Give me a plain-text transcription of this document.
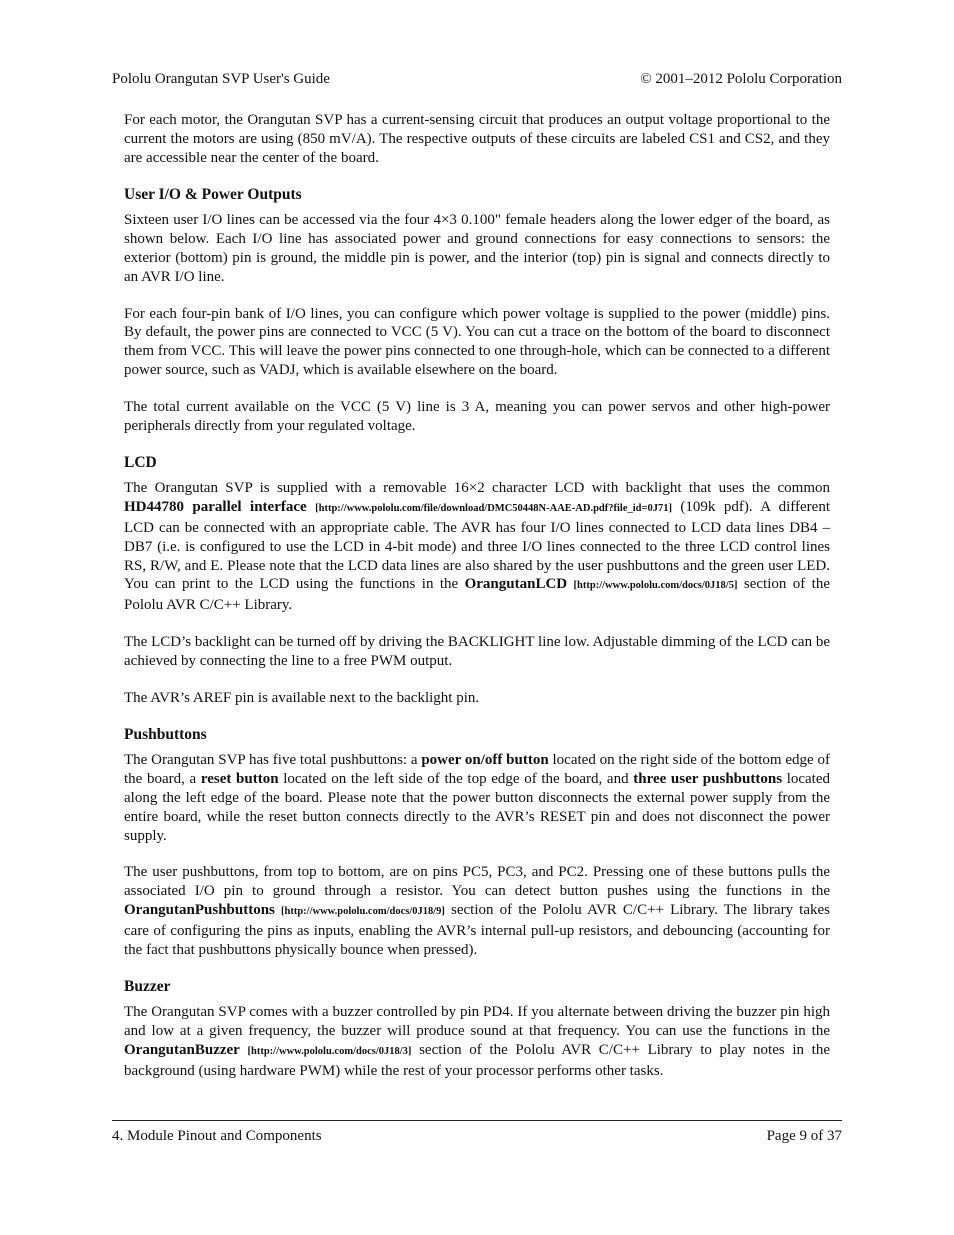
Pololu Orangutan SVP User's Guide	© 2001–2012 Pololu Corporation

For each motor, the Orangutan SVP has a current-sensing circuit that produces an output voltage proportional to the current the motors are using (850 mV/A). The respective outputs of these circuits are labeled CS1 and CS2, and they are accessible near the center of the board.

User I/O & Power Outputs

Sixteen user I/O lines can be accessed via the four 4×3 0.100" female headers along the lower edger of the board, as shown below. Each I/O line has associated power and ground connections for easy connections to sensors: the exterior (bottom) pin is ground, the middle pin is power, and the interior (top) pin is signal and connects directly to an AVR I/O line.

For each four-pin bank of I/O lines, you can configure which power voltage is supplied to the power (middle) pins. By default, the power pins are connected to VCC (5 V). You can cut a trace on the bottom of the board to disconnect them from VCC. This will leave the power pins connected to one through-hole, which can be connected to a different power source, such as VADJ, which is available elsewhere on the board.

The total current available on the VCC (5 V) line is 3 A, meaning you can power servos and other high-power peripherals directly from your regulated voltage.

LCD

The Orangutan SVP is supplied with a removable 16×2 character LCD with backlight that uses the common HD44780 parallel interface [http://www.pololu.com/file/download/DMC50448N-AAE-AD.pdf?file_id=0J71] (109k pdf). A different LCD can be connected with an appropriate cable. The AVR has four I/O lines connected to LCD data lines DB4 – DB7 (i.e. is configured to use the LCD in 4-bit mode) and three I/O lines connected to the three LCD control lines RS, R/W, and E. Please note that the LCD data lines are also shared by the user pushbuttons and the green user LED. You can print to the LCD using the functions in the OrangutanLCD [http://www.pololu.com/docs/0J18/5] section of the Pololu AVR C/C++ Library.

The LCD’s backlight can be turned off by driving the BACKLIGHT line low. Adjustable dimming of the LCD can be achieved by connecting the line to a free PWM output.

The AVR’s AREF pin is available next to the backlight pin.

Pushbuttons

The Orangutan SVP has five total pushbuttons: a power on/off button located on the right side of the bottom edge of the board, a reset button located on the left side of the top edge of the board, and three user pushbuttons located along the left edge of the board. Please note that the power button disconnects the external power supply from the entire board, while the reset button connects directly to the AVR’s RESET pin and does not disconnect the power supply.

The user pushbuttons, from top to bottom, are on pins PC5, PC3, and PC2. Pressing one of these buttons pulls the associated I/O pin to ground through a resistor. You can detect button pushes using the functions in the OrangutanPushbuttons [http://www.pololu.com/docs/0J18/9] section of the Pololu AVR C/C++ Library. The library takes care of configuring the pins as inputs, enabling the AVR’s internal pull-up resistors, and debouncing (accounting for the fact that pushbuttons physically bounce when pressed).

Buzzer

The Orangutan SVP comes with a buzzer controlled by pin PD4. If you alternate between driving the buzzer pin high and low at a given frequency, the buzzer will produce sound at that frequency. You can use the functions in the OrangutanBuzzer [http://www.pololu.com/docs/0J18/3] section of the Pololu AVR C/C++ Library to play notes in the background (using hardware PWM) while the rest of your processor performs other tasks.

4. Module Pinout and Components	Page 9 of 37
